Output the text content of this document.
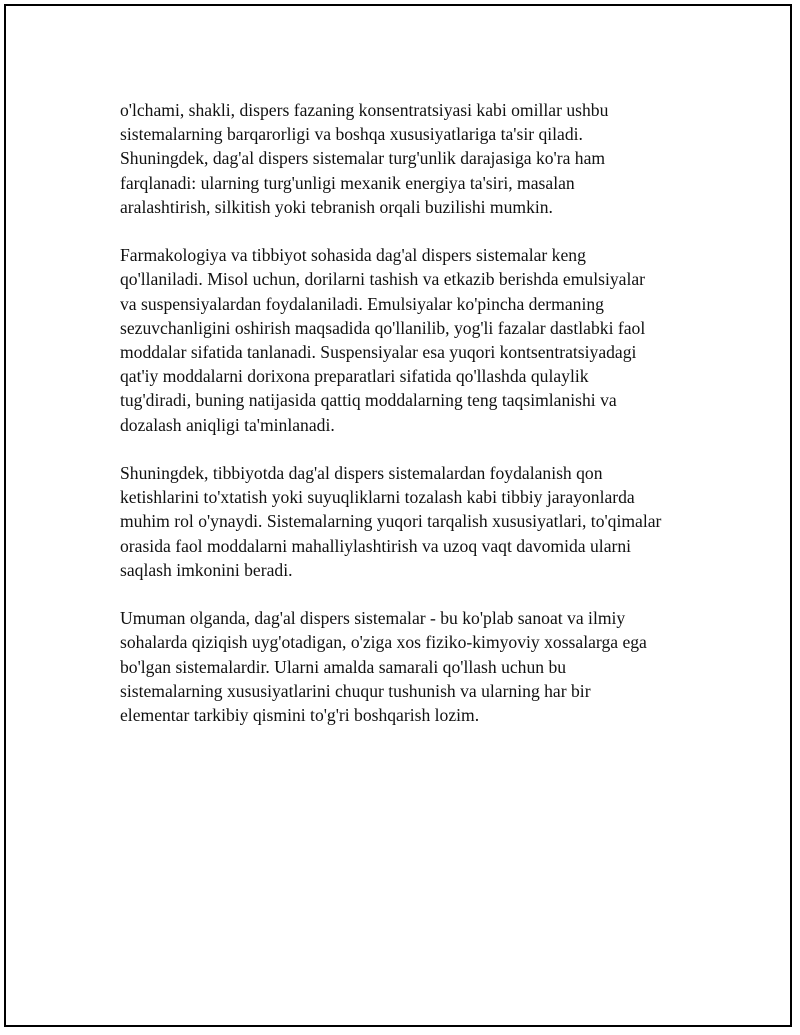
o'lchami, shakli, dispers fazaning konsentratsiyasi kabi omillar ushbu
sistemalarning barqarorligi va boshqa xususiyatlariga ta'sir qiladi.
Shuningdek, dag'al dispers sistemalar turg'unlik darajasiga ko'ra ham
farqlanadi: ularning turg'unligi mexanik energiya ta'siri, masalan
aralashtirish, silkitish yoki tebranish orqali buzilishi mumkin.

Farmakologiya va tibbiyot sohasida dag'al dispers sistemalar keng
qo'llaniladi. Misol uchun, dorilarni tashish va etkazib berishda emulsiyalar
va suspensiyalardan foydalaniladi. Emulsiyalar ko'pincha dermaning
sezuvchanligini oshirish maqsadida qo'llanilib, yog'li fazalar dastlabki faol
moddalar sifatida tanlanadi. Suspensiyalar esa yuqori kontsentratsiyadagi
qat'iy moddalarni dorixona preparatlari sifatida qo'llashda qulaylik
tug'diradi, buning natijasida qattiq moddalarning teng taqsimlanishi va
dozalash aniqligi ta'minlanadi.

Shuningdek, tibbiyotda dag'al dispers sistemalardan foydalanish qon
ketishlarini to'xtatish yoki suyuqliklarni tozalash kabi tibbiy jarayonlarda
muhim rol o'ynaydi. Sistemalarning yuqori tarqalish xususiyatlari, to'qimalar
orasida faol moddalarni mahalliylashtirish va uzoq vaqt davomida ularni
saqlash imkonini beradi.

Umuman olganda, dag'al dispers sistemalar - bu ko'plab sanoat va ilmiy
sohalarda qiziqish uyg'otadigan, o'ziga xos fiziko-kimyoviy xossalarga ega
bo'lgan sistemalardir. Ularni amalda samarali qo'llash uchun bu
sistemalarning xususiyatlarini chuqur tushunish va ularning har bir
elementar tarkibiy qismini to'g'ri boshqarish lozim.
